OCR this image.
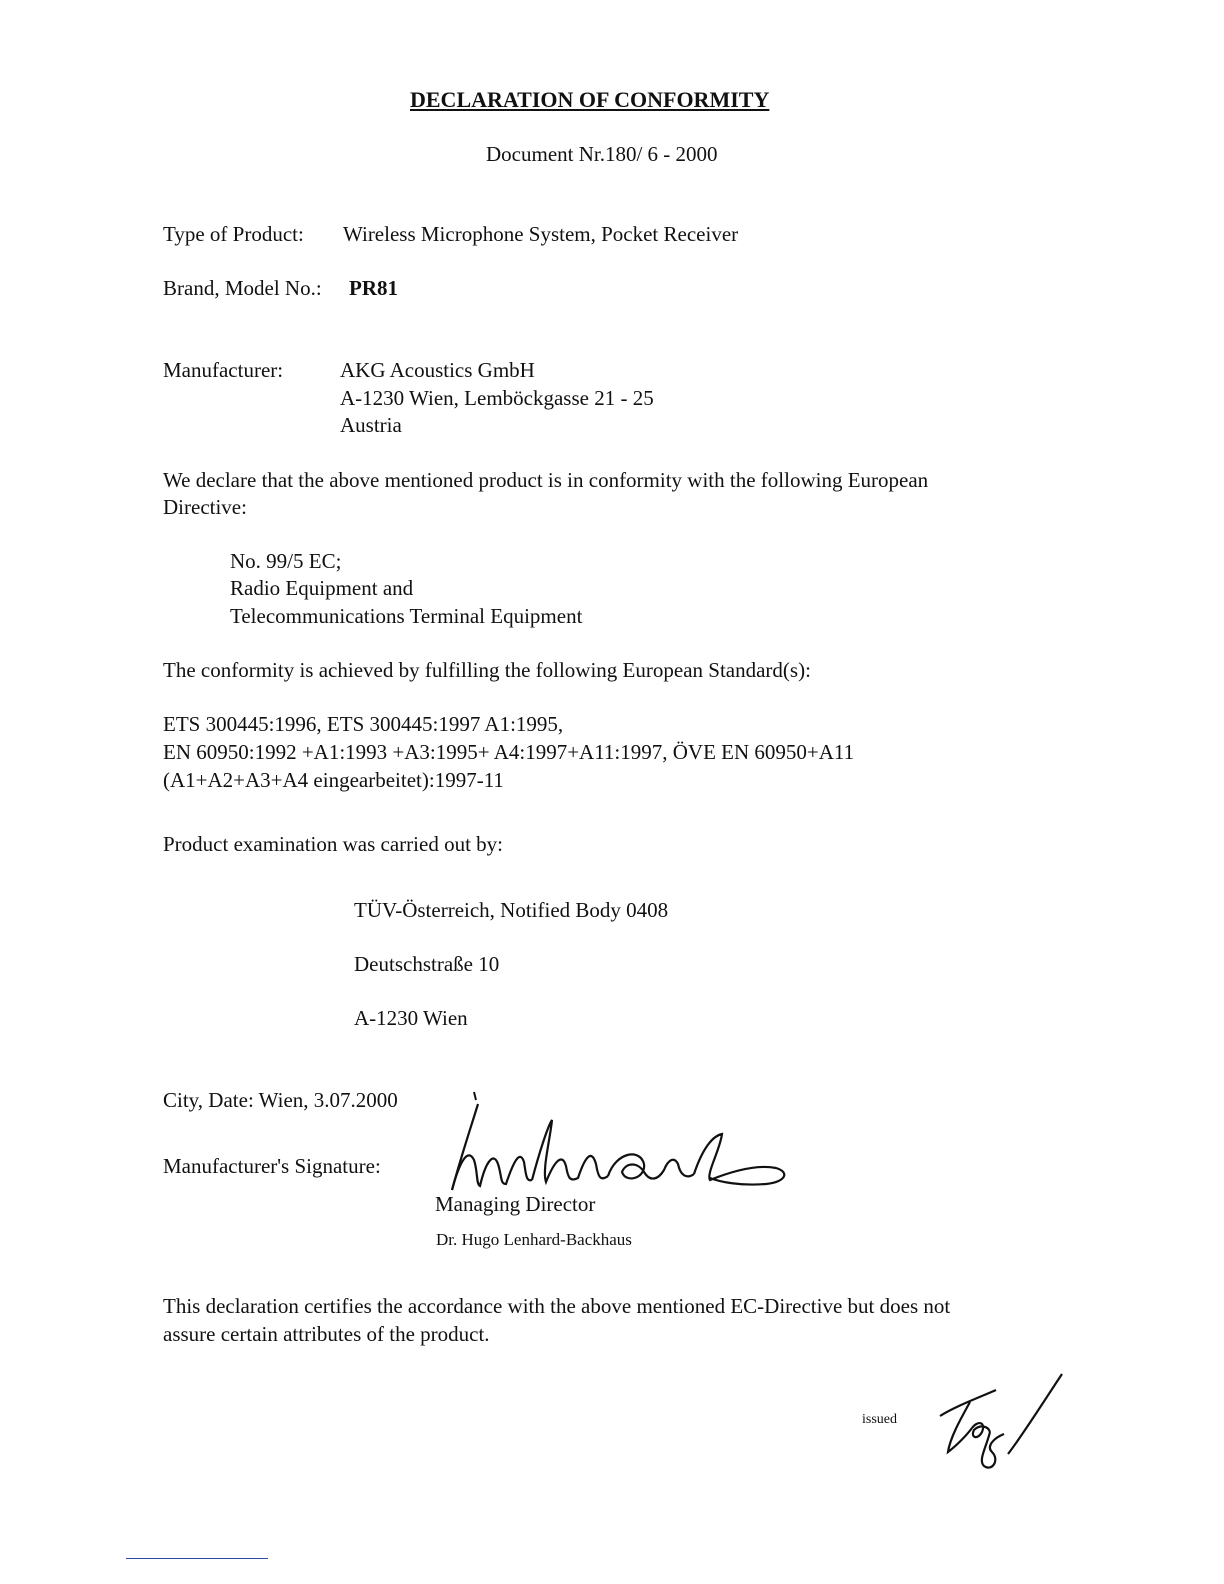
DECLARATION OF CONFORMITY
Document Nr.180/ 6 - 2000
Type of Product: Wireless Microphone System, Pocket Receiver
Brand, Model No.: PR81
Manufacturer:	AKG Acoustics GmbH
A-1230 Wien, Lemböckgasse 21 - 25
Austria
We declare that the above mentioned product is in conformity with the following European
Directive:
No. 99/5 EC;
Radio Equipment and
Telecommunications Terminal Equipment
The conformity is achieved by fulfilling the following European Standard(s):
ETS 300445:1996, ETS 300445:1997 A1:1995,
EN 60950:1992 +A1:1993 +A3:1995+ A4:1997+A11:1997, ÖVE EN 60950+A11
(A1+A2+A3+A4 eingearbeitet):1997-11
Product examination was carried out by:
TÜV-Österreich, Notified Body 0408
Deutschstraße 10
A-1230 Wien
City, Date: Wien, 3.07.2000
Manufacturer's Signature:
Managing Director
Dr. Hugo Lenhard-Backhaus
This declaration certifies the accordance with the above mentioned EC-Directive but does not
assure certain attributes of the product.
issued
